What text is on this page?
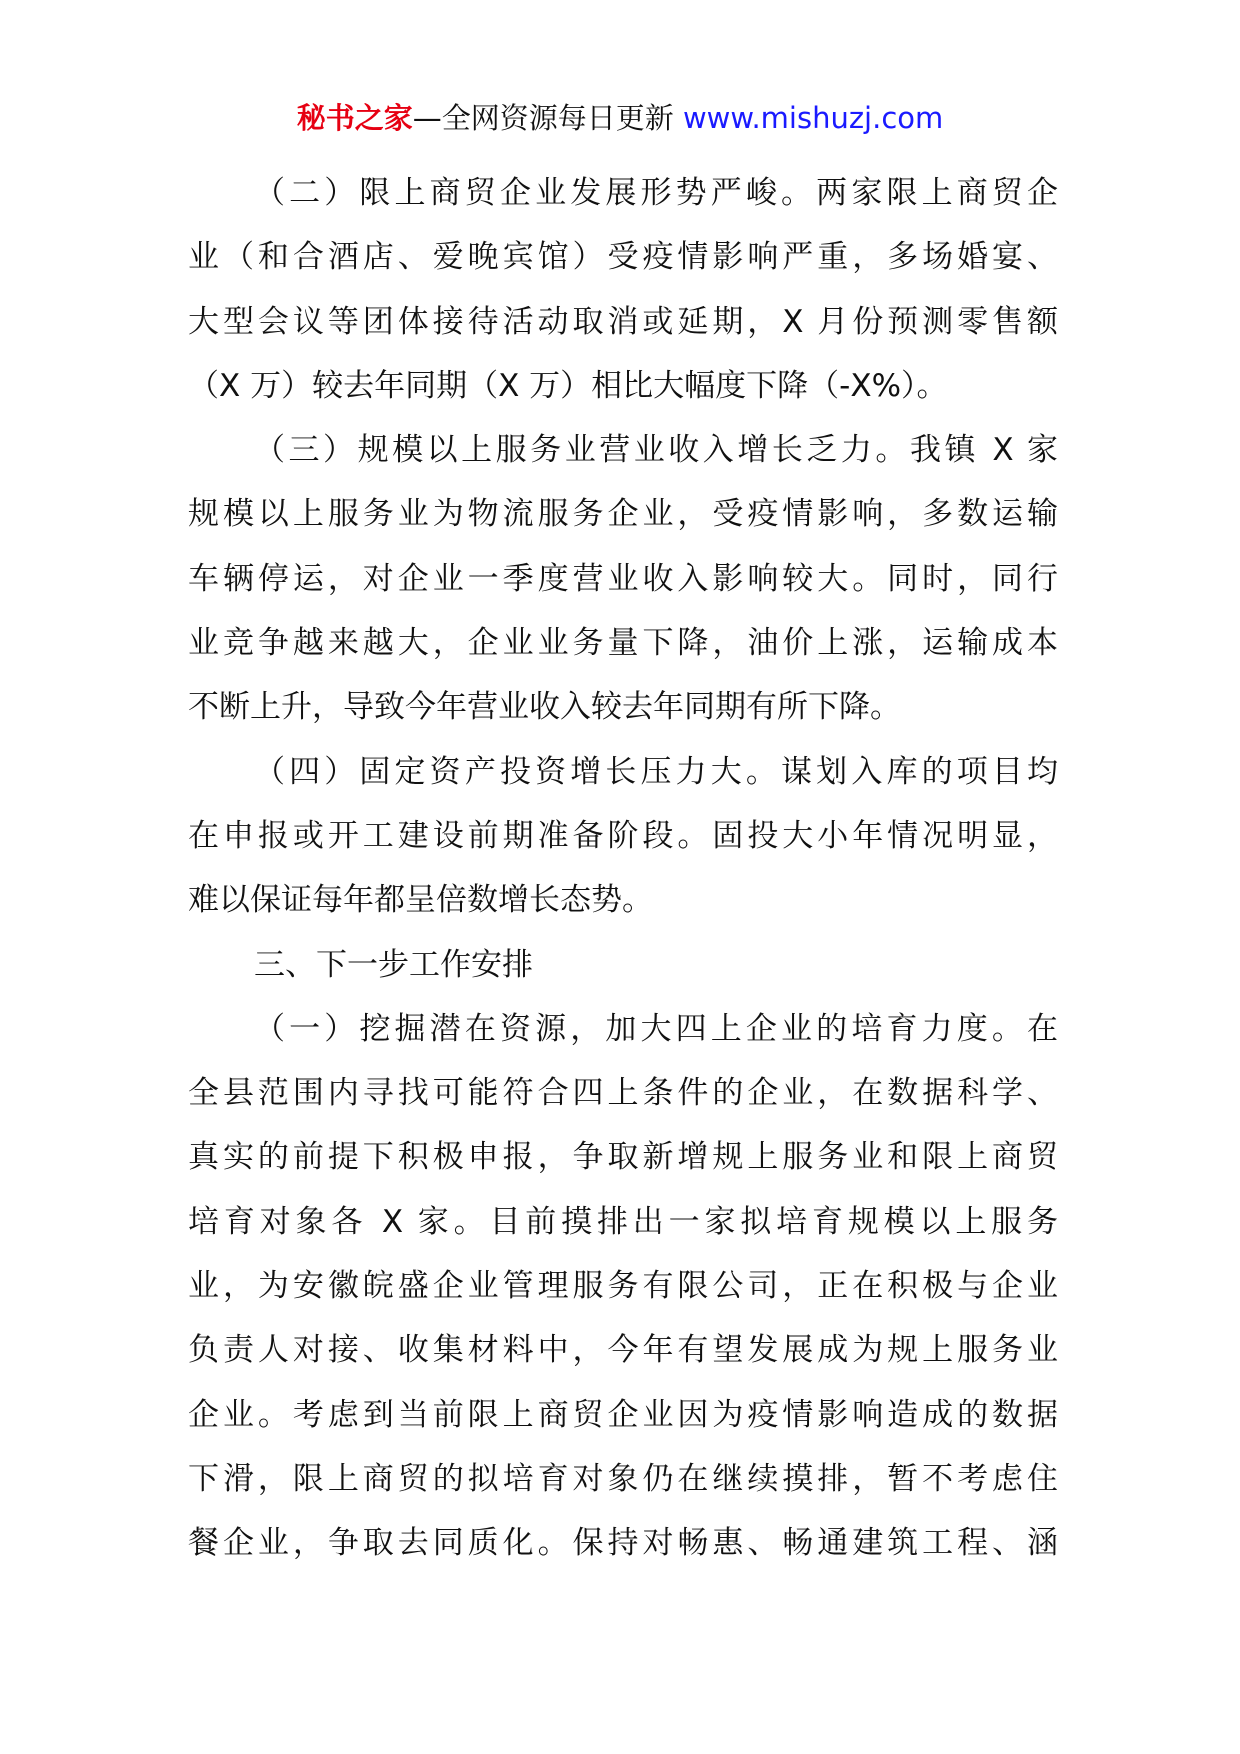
秘书之家—全网资源每日更新 www.mishuzj.com
（二）限上商贸企业发展形势严峻。两家限上商贸企
业（和合酒店、爱晚宾馆）受疫情影响严重，多场婚宴、
大型会议等团体接待活动取消或延期，X 月份预测零售额
（X 万）较去年同期（X 万）相比大幅度下降（-X%）。
（三）规模以上服务业营业收入增长乏力。我镇 X 家
规模以上服务业为物流服务企业，受疫情影响，多数运输
车辆停运，对企业一季度营业收入影响较大。同时，同行
业竞争越来越大，企业业务量下降，油价上涨，运输成本
不断上升，导致今年营业收入较去年同期有所下降。
（四）固定资产投资增长压力大。谋划入库的项目均
在申报或开工建设前期准备阶段。固投大小年情况明显，
难以保证每年都呈倍数增长态势。
三、下一步工作安排
（一）挖掘潜在资源，加大四上企业的培育力度。在
全县范围内寻找可能符合四上条件的企业，在数据科学、
真实的前提下积极申报，争取新增规上服务业和限上商贸
培育对象各 X 家。目前摸排出一家拟培育规模以上服务
业，为安徽皖盛企业管理服务有限公司，正在积极与企业
负责人对接、收集材料中，今年有望发展成为规上服务业
企业。考虑到当前限上商贸企业因为疫情影响造成的数据
下滑，限上商贸的拟培育对象仍在继续摸排，暂不考虑住
餐企业，争取去同质化。保持对畅惠、畅通建筑工程、涵
